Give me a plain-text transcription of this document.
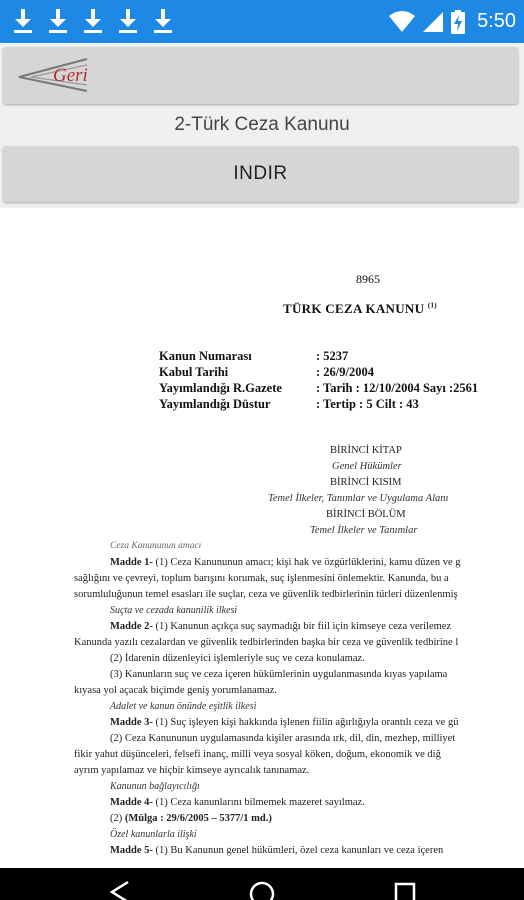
5:50
Geri
2-Türk Ceza Kanunu
INDIR
8965
TÜRK CEZA KANUNU $^{(1)}$
Kanun Numarası	: 5237
Kabul Tarihi	: 26/9/2004
Yayımlandığı R.Gazete	: Tarih : 12/10/2004 Sayı :2561
Yayımlandığı Düstur	: Tertip : 5 Cilt : 43
BİRİNCİ KİTAP
Genel Hükümler
BİRİNCİ KISIM
Temel İlkeler, Tanımlar ve Uygulama Alanı
BİRİNCİ BÖLÜM
Temel İlkeler ve Tanımlar
Ceza Kanununun amacı
Madde 1- (1) Ceza Kanununun amacı; kişi hak ve özgürlüklerini, kamu düzen ve g
sağlığını ve çevreyi, toplum barışını korumak, suç işlenmesini önlemektir. Kanunda, bu a
sorumluluğunun temel esasları ile suçlar, ceza ve güvenlik tedbirlerinin türleri düzenlenmiş
Suçta ve cezada kanunilik ilkesi
Madde 2- (1) Kanunun açıkça suç saymadığı bir fiil için kimseye ceza verilemez
Kanunda yazılı cezalardan ve güvenlik tedbirlerinden başka bir ceza ve güvenlik tedbirine l
(2) İdarenin düzenleyici işlemleriyle suç ve ceza konulamaz.
(3) Kanunların suç ve ceza içeren hükümlerinin uygulanmasında kıyas yapılama
kıyasa yol açacak biçimde geniş yorumlanamaz.
Adalet ve kanun önünde eşitlik ilkesi
Madde 3- (1) Suç işleyen kişi hakkında işlenen fiilin ağırlığıyla orantılı ceza ve gü
(2) Ceza Kanununun uygulamasında kişiler arasında ırk, dil, din, mezhep, milliyet
fikir yahut düşünceleri, felsefi inanç, milli veya sosyal köken, doğum, ekonomik ve diğ
ayrım yapılamaz ve hiçbir kimseye ayrıcalık tanınamaz.
Kanunun bağlayıcılığı
Madde 4- (1) Ceza kanunlarını bilmemek mazeret sayılmaz.
(2) (Mülga : 29/6/2005 – 5377/1 md.)
Özel kanunlarla ilişki
Madde 5- (1) Bu Kanunun genel hükümleri, özel ceza kanunları ve ceza içeren
